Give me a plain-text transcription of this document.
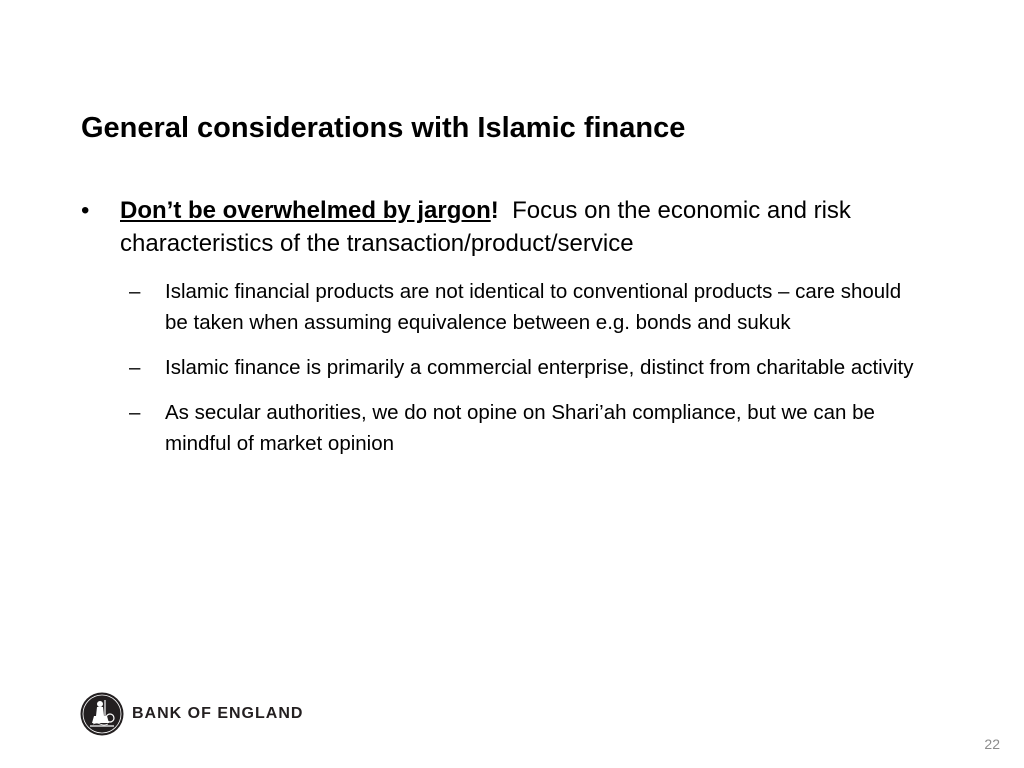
General considerations with Islamic finance
• Don’t be overwhelmed by jargon! Focus on the economic and risk characteristics of the transaction/product/service
– Islamic financial products are not identical to conventional products – care should be taken when assuming equivalence between e.g. bonds and sukuk
– Islamic finance is primarily a commercial enterprise, distinct from charitable activity
– As secular authorities, we do not opine on Shari’ah compliance, but we can be mindful of market opinion
BANK OF ENGLAND
22
